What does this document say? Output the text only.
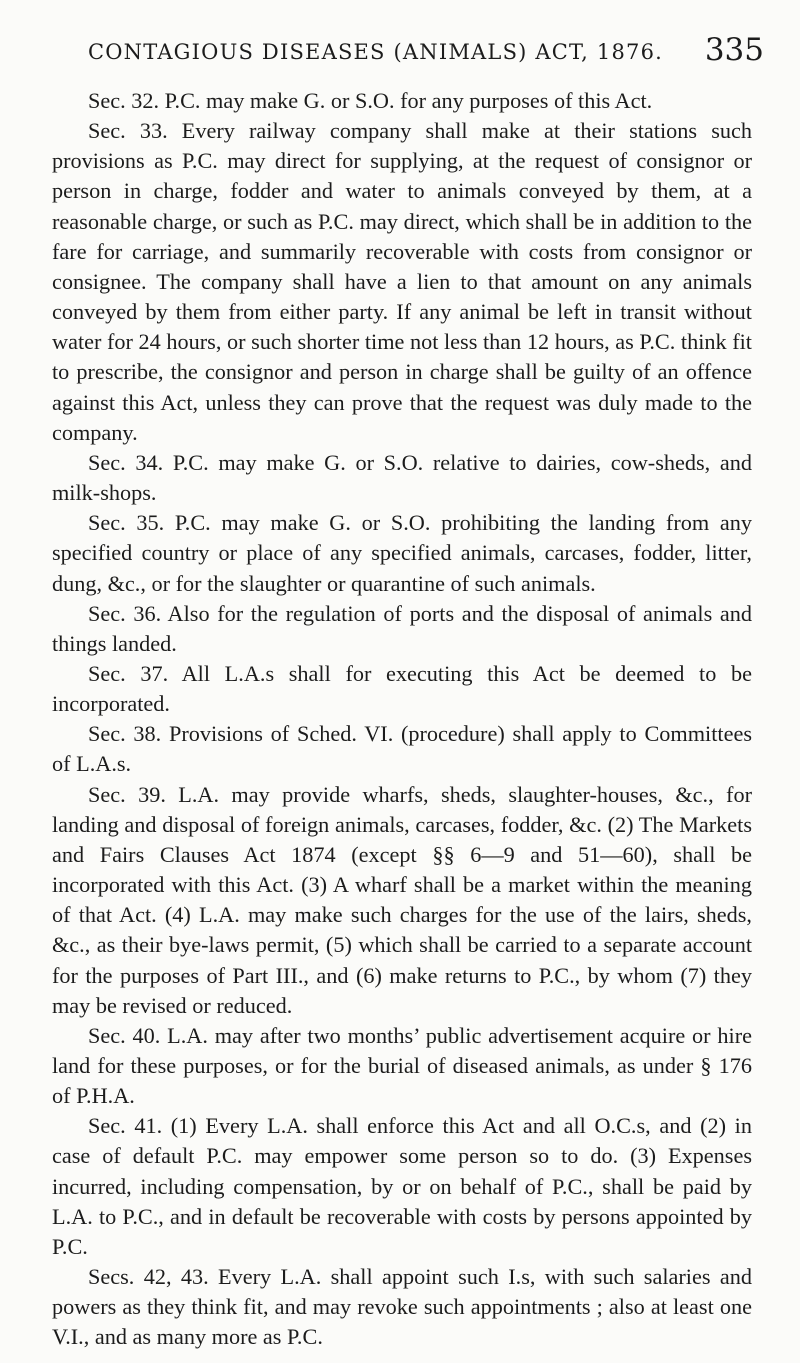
CONTAGIOUS DISEASES (ANIMALS) ACT, 1876. 335

Sec. 32. P.C. may make G. or S.O. for any purposes of this Act.

Sec. 33. Every railway company shall make at their stations such provisions as P.C. may direct for supplying, at the request of consignor or person in charge, fodder and water to animals conveyed by them, at a reasonable charge, or such as P.C. may direct, which shall be in addition to the fare for carriage, and summarily recoverable with costs from consignor or consignee. The company shall have a lien to that amount on any animals conveyed by them from either party. If any animal be left in transit without water for 24 hours, or such shorter time not less than 12 hours, as P.C. think fit to prescribe, the consignor and person in charge shall be guilty of an offence against this Act, unless they can prove that the request was duly made to the company.

Sec. 34. P.C. may make G. or S.O. relative to dairies, cow-sheds, and milk-shops.

Sec. 35. P.C. may make G. or S.O. prohibiting the landing from any specified country or place of any specified animals, carcases, fodder, litter, dung, &c., or for the slaughter or quarantine of such animals.

Sec. 36. Also for the regulation of ports and the disposal of animals and things landed.

Sec. 37. All L.A.s shall for executing this Act be deemed to be incorporated.

Sec. 38. Provisions of Sched. VI. (procedure) shall apply to Committees of L.A.s.

Sec. 39. L.A. may provide wharfs, sheds, slaughter-houses, &c., for landing and disposal of foreign animals, carcases, fodder, &c. (2) The Markets and Fairs Clauses Act 1874 (except §§ 6—9 and 51—60), shall be incorporated with this Act. (3) A wharf shall be a market within the meaning of that Act. (4) L.A. may make such charges for the use of the lairs, sheds, &c., as their bye-laws permit, (5) which shall be carried to a separate account for the purposes of Part III., and (6) make returns to P.C., by whom (7) they may be revised or reduced.

Sec. 40. L.A. may after two months’ public advertisement acquire or hire land for these purposes, or for the burial of diseased animals, as under § 176 of P.H.A.

Sec. 41. (1) Every L.A. shall enforce this Act and all O.C.s, and (2) in case of default P.C. may empower some person so to do. (3) Expenses incurred, including compensation, by or on behalf of P.C., shall be paid by L.A. to P.C., and in default be recoverable with costs by persons appointed by P.C.

Secs. 42, 43. Every L.A. shall appoint such I.s, with such salaries and powers as they think fit, and may revoke such appointments ; also at least one V.I., and as many more as P.C.
